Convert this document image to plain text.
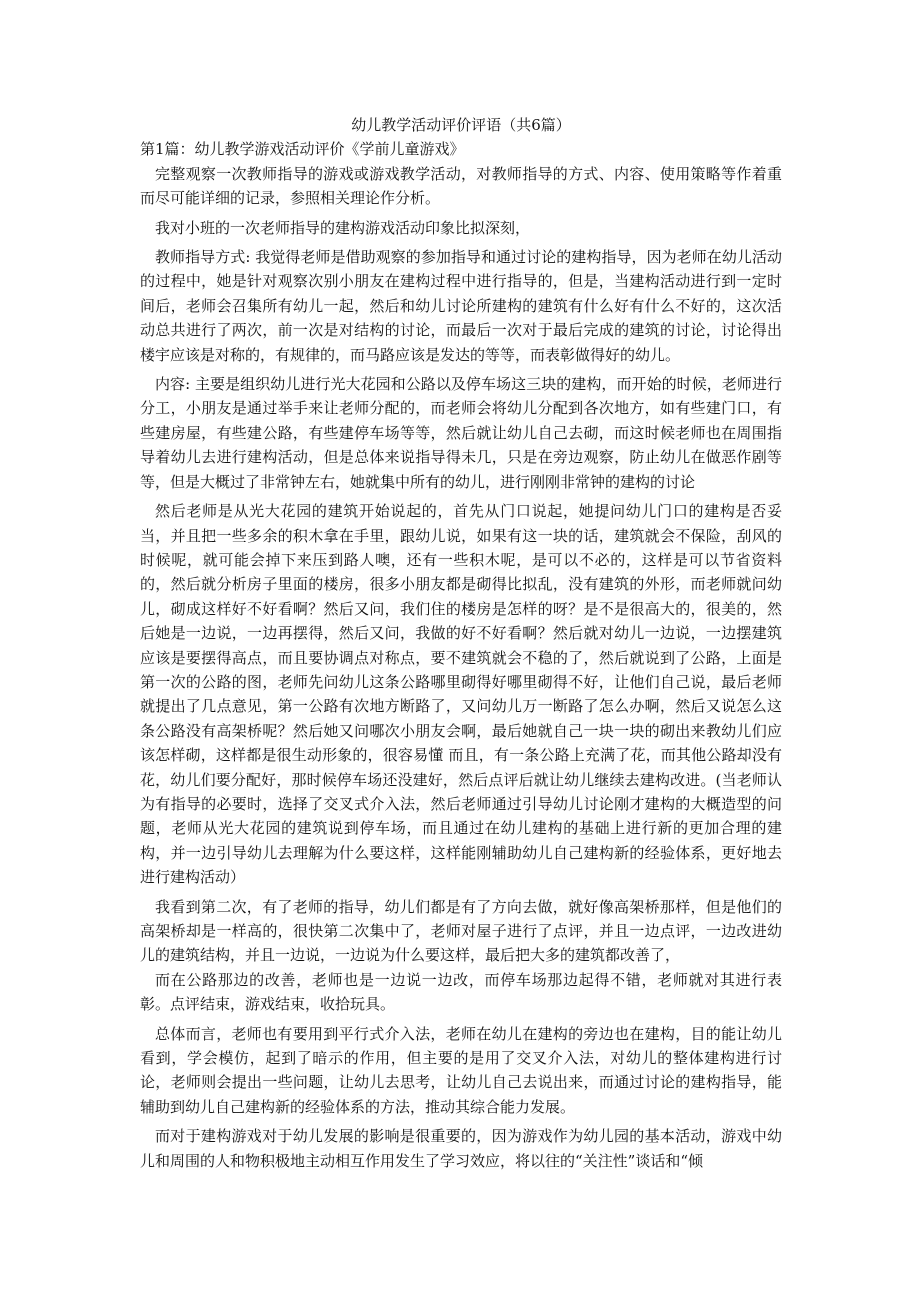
幼儿教学活动评价评语（共6篇）
第1篇：幼儿教学游戏活动评价《学前儿童游戏》

完整观察一次教师指导的游戏或游戏教学活动，对教师指导的方式、内容、使用策略等作着重而尽可能详细的记录，参照相关理论作分析。

我对小班的一次老师指导的建构游戏活动印象比拟深刻，

教师指导方式: 我觉得老师是借助观察的参加指导和通过讨论的建构指导，因为老师在幼儿活动的过程中，她是针对观察次别小朋友在建构过程中进行指导的，但是，当建构活动进行到一定时间后，老师会召集所有幼儿一起，然后和幼儿讨论所建构的建筑有什么好有什么不好的，这次活动总共进行了两次，前一次是对结构的讨论，而最后一次对于最后完成的建筑的讨论，讨论得出楼宇应该是对称的，有规律的，而马路应该是发达的等等，而表彰做得好的幼儿。

内容: 主要是组织幼儿进行光大花园和公路以及停车场这三块的建构，而开始的时候，老师进行分工，小朋友是通过举手来让老师分配的，而老师会将幼儿分配到各次地方，如有些建门口，有些建房屋，有些建公路，有些建停车场等等，然后就让幼儿自己去砌，而这时候老师也在周围指导着幼儿去进行建构活动，但是总体来说指导得未几，只是在旁边观察，防止幼儿在做恶作剧等等，但是大概过了非常钟左右，她就集中所有的幼儿，进行刚刚非常钟的建构的讨论

然后老师是从光大花园的建筑开始说起的，首先从门口说起，她提问幼儿门口的建构是否妥当，并且把一些多余的积木拿在手里，跟幼儿说，如果有这一块的话，建筑就会不保险，刮风的时候呢，就可能会掉下来压到路人噢，还有一些积木呢，是可以不必的，这样是可以节省资料的，然后就分析房子里面的楼房，很多小朋友都是砌得比拟乱，没有建筑的外形，而老师就问幼儿，砌成这样好不好看啊？然后又问，我们住的楼房是怎样的呀？是不是很高大的，很美的，然后她是一边说，一边再摆得，然后又问，我做的好不好看啊？然后就对幼儿一边说，一边摆建筑应该是要摆得高点，而且要协调点对称点，要不建筑就会不稳的了，然后就说到了公路，上面是第一次的公路的图，老师先问幼儿这条公路哪里砌得好哪里砌得不好，让他们自己说，最后老师就提出了几点意见，第一公路有次地方断路了，又问幼儿万一断路了怎么办啊，然后又说怎么这条公路没有高架桥呢？然后她又问哪次小朋友会啊，最后她就自己一块一块的砌出来教幼儿们应该怎样砌，这样都是很生动形象的，很容易懂 而且，有一条公路上充满了花，而其他公路却没有花，幼儿们要分配好，那时候停车场还没建好，然后点评后就让幼儿继续去建构改进。(当老师认为有指导的必要时，选择了交叉式介入法，然后老师通过引导幼儿讨论刚才建构的大概造型的问题，老师从光大花园的建筑说到停车场，而且通过在幼儿建构的基础上进行新的更加合理的建构，并一边引导幼儿去理解为什么要这样，这样能刚辅助幼儿自己建构新的经验体系，更好地去进行建构活动）

我看到第二次，有了老师的指导，幼儿们都是有了方向去做，就好像高架桥那样，但是他们的高架桥却是一样高的，很快第二次集中了，老师对屋子进行了点评，并且一边点评，一边改进幼儿的建筑结构，并且一边说，一边说为什么要这样，最后把大多的建筑都改善了，

而在公路那边的改善，老师也是一边说一边改，而停车场那边起得不错，老师就对其进行表彰。点评结束，游戏结束，收拾玩具。

总体而言，老师也有要用到平行式介入法，老师在幼儿在建构的旁边也在建构，目的能让幼儿看到，学会模仿，起到了暗示的作用，但主要的是用了交叉介入法，对幼儿的整体建构进行讨论，老师则会提出一些问题，让幼儿去思考，让幼儿自己去说出来，而通过讨论的建构指导，能辅助到幼儿自己建构新的经验体系的方法，推动其综合能力发展。

而对于建构游戏对于幼儿发展的影响是很重要的，因为游戏作为幼儿园的基本活动，游戏中幼儿和周围的人和物积极地主动相互作用发生了学习效应，将以往的“关注性”谈话和“倾
